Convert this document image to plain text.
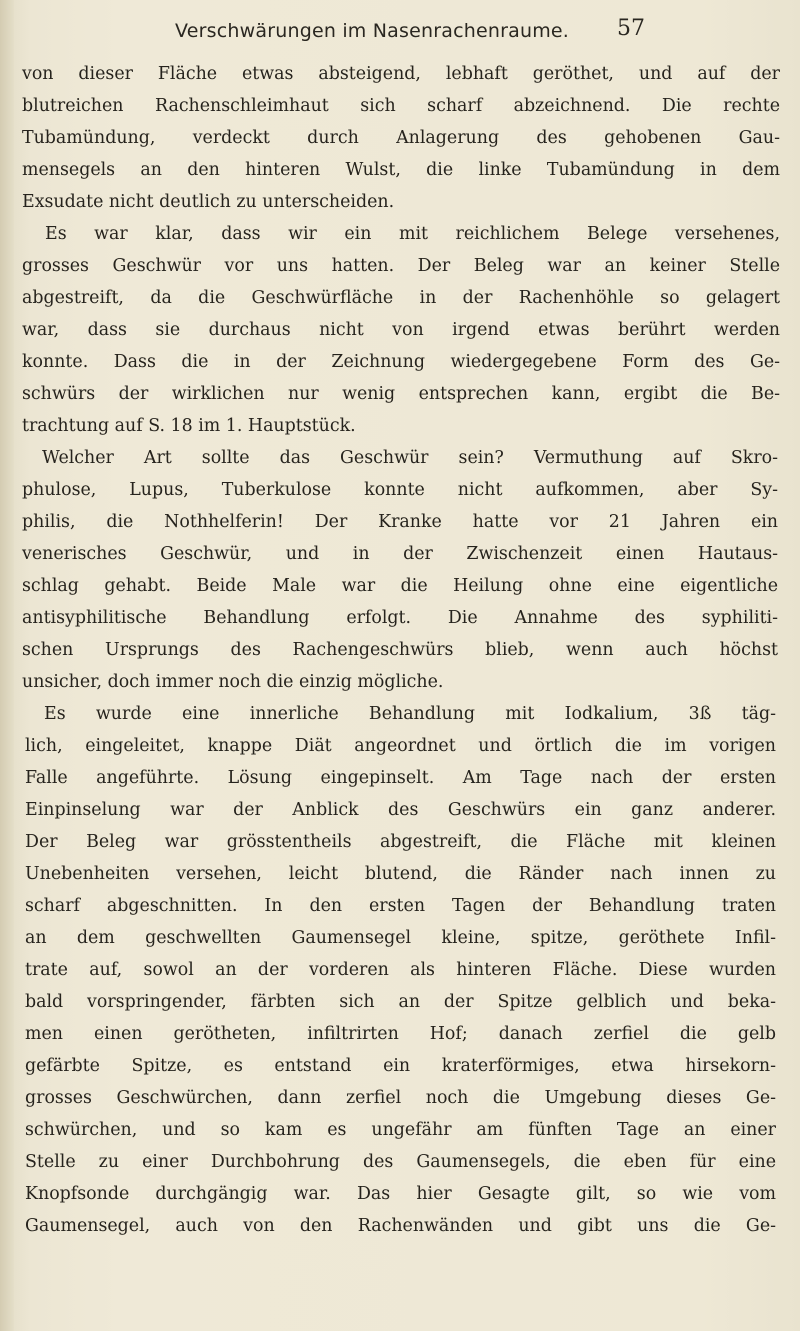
Verschwärungen im Nasenrachenraume. 57
von dieser Fläche etwas absteigend, lebhaft geröthet, und auf der
blutreichen Rachenschleimhaut sich scharf abzeichnend. Die rechte
Tubamündung, verdeckt durch Anlagerung des gehobenen Gau-
mensegels an den hinteren Wulst, die linke Tubamündung in dem
Exsudate nicht deutlich zu unterscheiden.
Es war klar, dass wir ein mit reichlichem Belege versehenes,
grosses Geschwür vor uns hatten. Der Beleg war an keiner Stelle
abgestreift, da die Geschwürfläche in der Rachenhöhle so gelagert
war, dass sie durchaus nicht von irgend etwas berührt werden
konnte. Dass die in der Zeichnung wiedergegebene Form des Ge-
schwürs der wirklichen nur wenig entsprechen kann, ergibt die Be-
trachtung auf S. 18 im 1. Hauptstück.
Welcher Art sollte das Geschwür sein? Vermuthung auf Skro-
phulose, Lupus, Tuberkulose konnte nicht aufkommen, aber Sy-
philis, die Nothhelferin! Der Kranke hatte vor 21 Jahren ein
venerisches Geschwür, und in der Zwischenzeit einen Hautaus-
schlag gehabt. Beide Male war die Heilung ohne eine eigentliche
antisyphilitische Behandlung erfolgt. Die Annahme des syphiliti-
schen Ursprungs des Rachengeschwürs blieb, wenn auch höchst
unsicher, doch immer noch die einzig mögliche.
Es wurde eine innerliche Behandlung mit Iodkalium, 3ß täg-
lich, eingeleitet, knappe Diät angeordnet und örtlich die im vorigen
Falle angeführte. Lösung eingepinselt. Am Tage nach der ersten
Einpinselung war der Anblick des Geschwürs ein ganz anderer.
Der Beleg war grösstentheils abgestreift, die Fläche mit kleinen
Unebenheiten versehen, leicht blutend, die Ränder nach innen zu
scharf abgeschnitten. In den ersten Tagen der Behandlung traten
an dem geschwellten Gaumensegel kleine, spitze, geröthete Infil-
trate auf, sowol an der vorderen als hinteren Fläche. Diese wurden
bald vorspringender, färbten sich an der Spitze gelblich und beka-
men einen gerötheten, infiltrirten Hof; danach zerfiel die gelb
gefärbte Spitze, es entstand ein kraterförmiges, etwa hirsekorn-
grosses Geschwürchen, dann zerfiel noch die Umgebung dieses Ge-
schwürchen, und so kam es ungefähr am fünften Tage an einer
Stelle zu einer Durchbohrung des Gaumensegels, die eben für eine
Knopfsonde durchgängig war. Das hier Gesagte gilt, so wie vom
Gaumensegel, auch von den Rachenwänden und gibt uns die Ge-
